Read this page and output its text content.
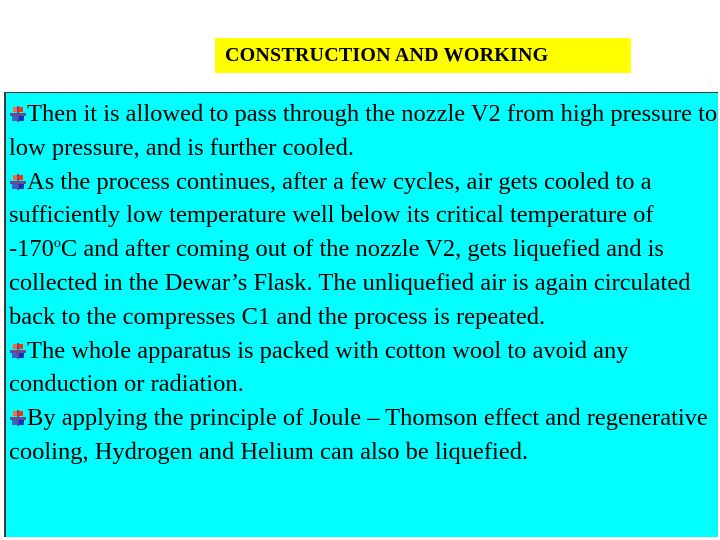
CONSTRUCTION AND WORKING

Then it is allowed to pass through the nozzle V2 from high pressure to low pressure, and is further cooled.

As the process continues, after a few cycles, air gets cooled to a sufficiently low temperature well below its critical temperature of -170$^o$C and after coming out of the nozzle V2, gets liquefied and is collected in the Dewar’s Flask. The unliquefied air is again circulated back to the compresses C1 and the process is repeated.

The whole apparatus is packed with cotton wool to avoid any conduction or radiation.

By applying the principle of Joule – Thomson effect and regenerative cooling, Hydrogen and Helium can also be liquefied.
